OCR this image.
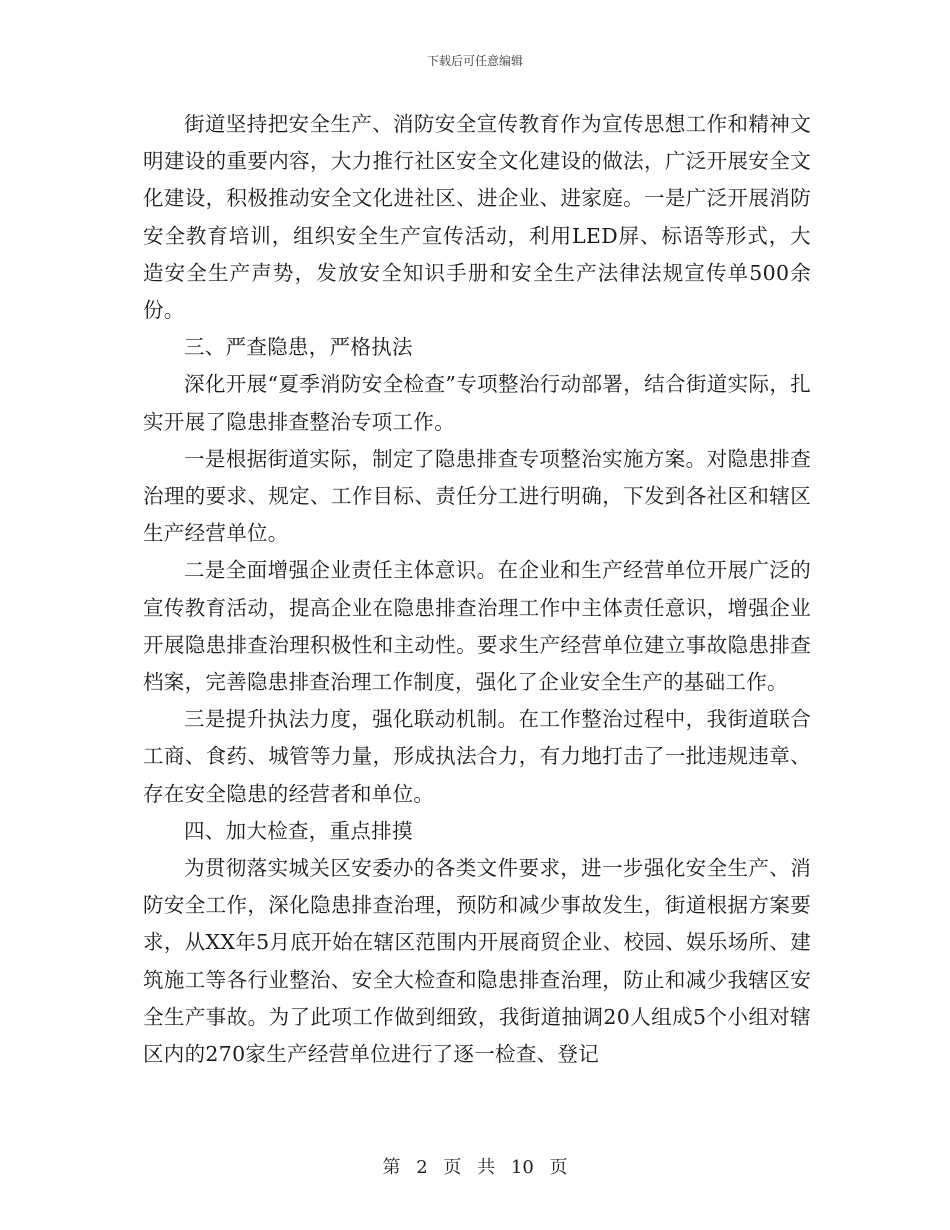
下载后可任意编辑

街道坚持把安全生产、消防安全宣传教育作为宣传思想工作和精神文明建设的重要内容，大力推行社区安全文化建设的做法，广泛开展安全文化建设，积极推动安全文化进社区、进企业、进家庭。一是广泛开展消防安全教育培训，组织安全生产宣传活动，利用LED屏、标语等形式，大造安全生产声势，发放安全知识手册和安全生产法律法规宣传单500余份。

三、严查隐患，严格执法

深化开展“夏季消防安全检查”专项整治行动部署，结合街道实际，扎实开展了隐患排查整治专项工作。

一是根据街道实际，制定了隐患排查专项整治实施方案。对隐患排查治理的要求、规定、工作目标、责任分工进行明确，下发到各社区和辖区生产经营单位。

二是全面增强企业责任主体意识。在企业和生产经营单位开展广泛的宣传教育活动，提高企业在隐患排查治理工作中主体责任意识，增强企业开展隐患排查治理积极性和主动性。要求生产经营单位建立事故隐患排查档案，完善隐患排查治理工作制度，强化了企业安全生产的基础工作。

三是提升执法力度，强化联动机制。在工作整治过程中，我街道联合工商、食药、城管等力量，形成执法合力，有力地打击了一批违规违章、存在安全隐患的经营者和单位。

四、加大检查，重点排摸

为贯彻落实城关区安委办的各类文件要求，进一步强化安全生产、消防安全工作，深化隐患排查治理，预防和减少事故发生，街道根据方案要求，从XX年5月底开始在辖区范围内开展商贸企业、校园、娱乐场所、建筑施工等各行业整治、安全大检查和隐患排查治理，防止和减少我辖区安全生产事故。为了此项工作做到细致，我街道抽调20人组成5个小组对辖区内的270家生产经营单位进行了逐一检查、登记

第 2 页 共 10 页
